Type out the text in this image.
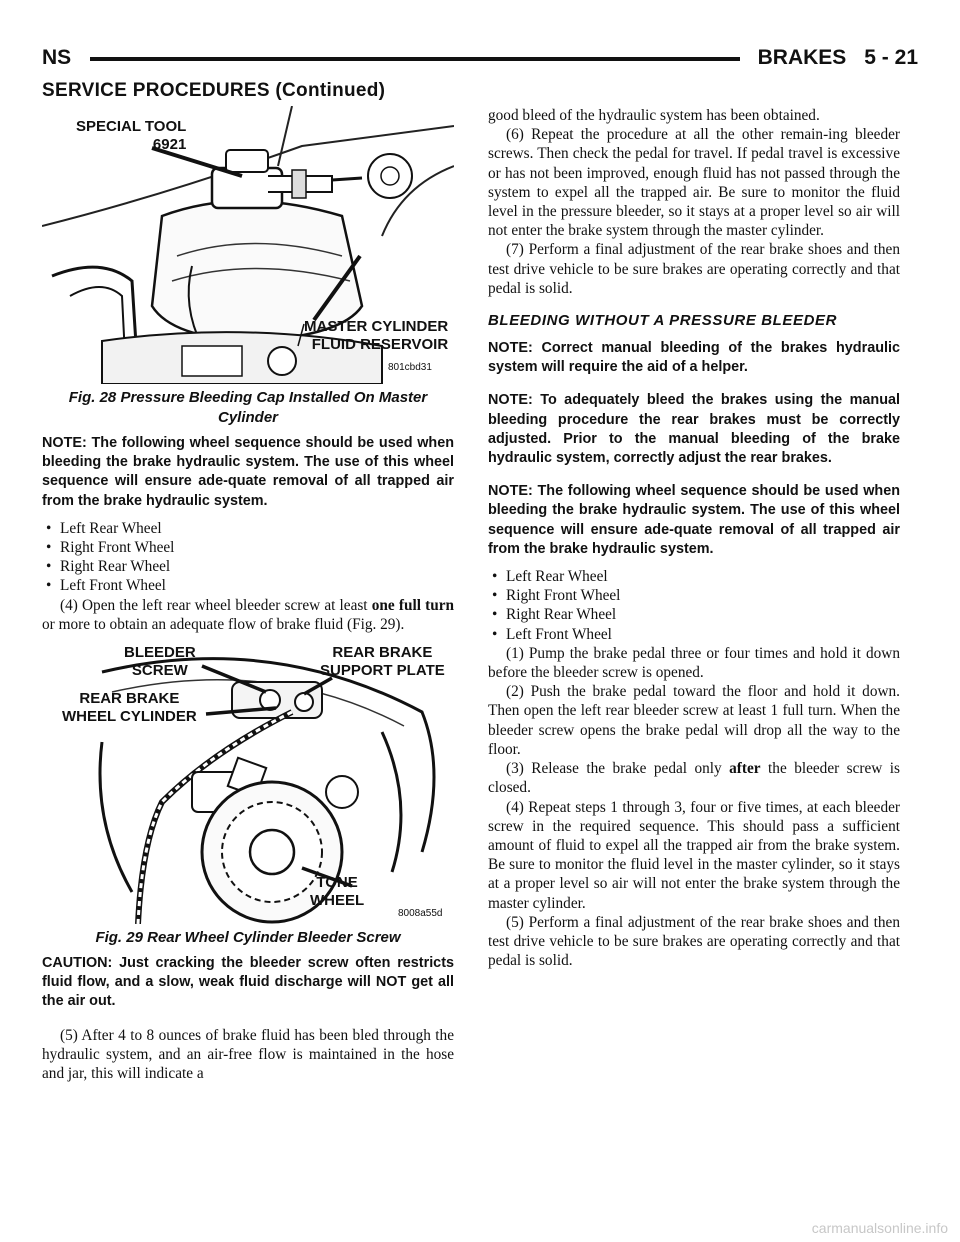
NS	BRAKES 5 - 21
SERVICE PROCEDURES (Continued)
SPECIAL TOOL
6921
MASTER CYLINDER
FLUID RESERVOIR
801cbd31
Fig. 28 Pressure Bleeding Cap Installed On Master Cylinder
NOTE: The following wheel sequence should be used when bleeding the brake hydraulic system. The use of this wheel sequence will ensure ade-quate removal of all trapped air from the brake hydraulic system.
• Left Rear Wheel
• Right Front Wheel
• Right Rear Wheel
• Left Front Wheel

(4) Open the left rear wheel bleeder screw at least one full turn or more to obtain an adequate flow of brake fluid (Fig. 29).

BLEEDER
SCREW
REAR BRAKE
SUPPORT PLATE
REAR BRAKE
WHEEL CYLINDER
TONE
WHEEL
8008a55d
Fig. 29 Rear Wheel Cylinder Bleeder Screw
CAUTION: Just cracking the bleeder screw often restricts fluid flow, and a slow, weak fluid discharge will NOT get all the air out.

(5) After 4 to 8 ounces of brake fluid has been bled through the hydraulic system, and an air-free flow is maintained in the hose and jar, this will indicate a

good bleed of the hydraulic system has been obtained.

(6) Repeat the procedure at all the other remain-ing bleeder screws. Then check the pedal for travel. If pedal travel is excessive or has not been improved, enough fluid has not passed through the system to expel all the trapped air. Be sure to monitor the fluid level in the pressure bleeder, so it stays at a proper level so air will not enter the brake system through the master cylinder.

(7) Perform a final adjustment of the rear brake shoes and then test drive vehicle to be sure brakes are operating correctly and that pedal is solid.

BLEEDING WITHOUT A PRESSURE BLEEDER
NOTE: Correct manual bleeding of the brakes hydraulic system will require the aid of a helper.
NOTE: To adequately bleed the brakes using the manual bleeding procedure the rear brakes must be correctly adjusted. Prior to the manual bleeding of the brake hydraulic system, correctly adjust the rear brakes.
NOTE: The following wheel sequence should be used when bleeding the brake hydraulic system. The use of this wheel sequence will ensure ade-quate removal of all trapped air from the brake hydraulic system.
• Left Rear Wheel
• Right Front Wheel
• Right Rear Wheel
• Left Front Wheel

(1) Pump the brake pedal three or four times and hold it down before the bleeder screw is opened.

(2) Push the brake pedal toward the floor and hold it down. Then open the left rear bleeder screw at least 1 full turn. When the bleeder screw opens the brake pedal will drop all the way to the floor.

(3) Release the brake pedal only after the bleeder screw is closed.

(4) Repeat steps 1 through 3, four or five times, at each bleeder screw in the required sequence. This should pass a sufficient amount of fluid to expel all the trapped air from the brake system. Be sure to monitor the fluid level in the master cylinder, so it stays at a proper level so air will not enter the brake system through the master cylinder.

(5) Perform a final adjustment of the rear brake shoes and then test drive vehicle to be sure brakes are operating correctly and that pedal is solid.

carmanualsonline.info
